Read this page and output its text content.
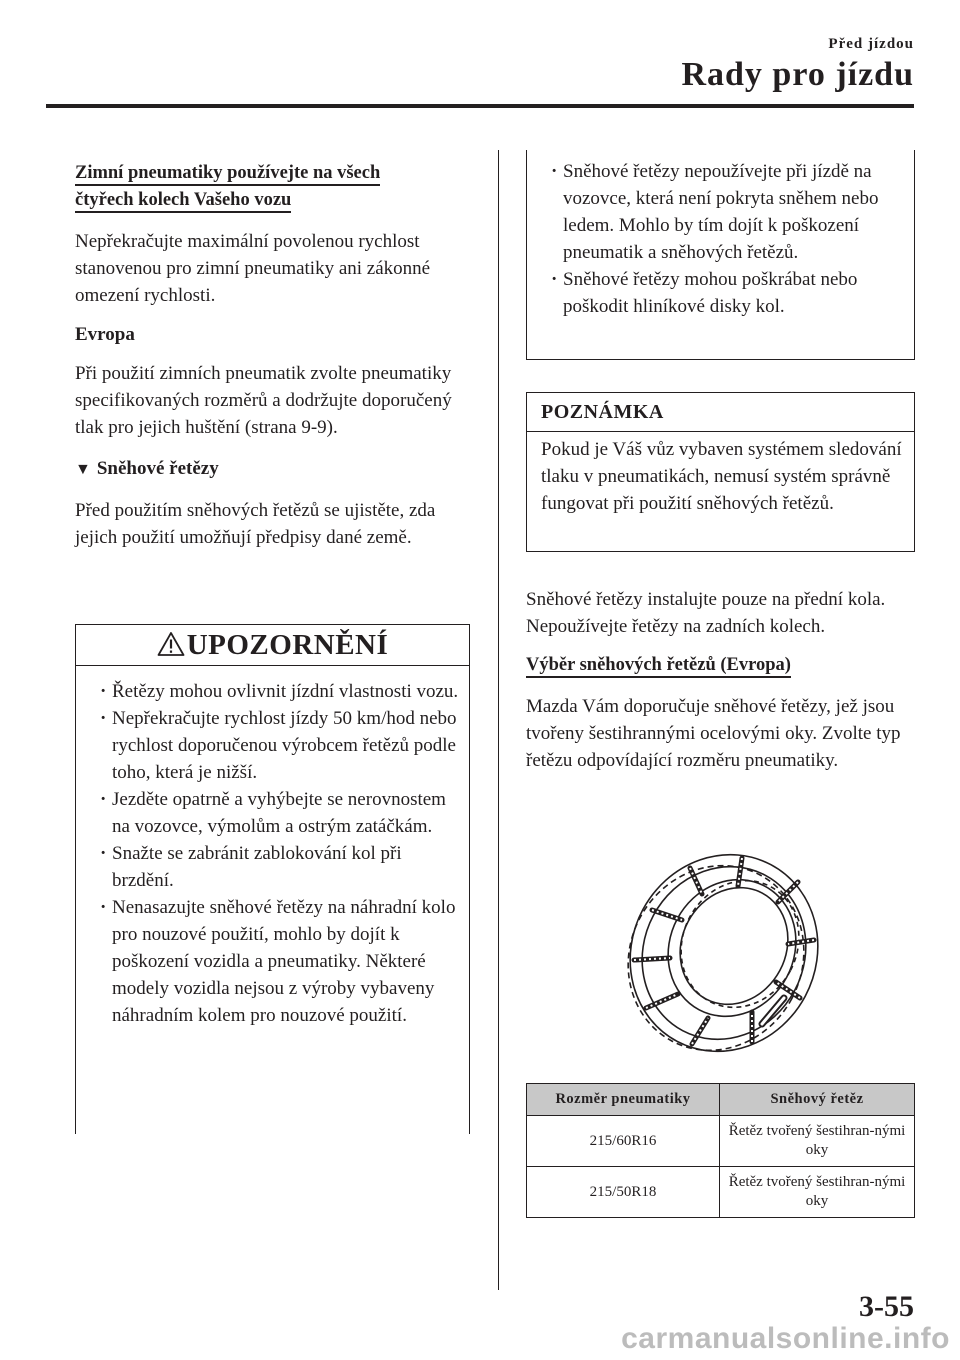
Před jízdou
Rady pro jízdu
Zimní pneumatiky používejte na všech
čtyřech kolech Vašeho vozu

Nepřekračujte maximální povolenou rychlost stanovenou pro zimní pneumatiky ani zákonné omezení rychlosti.

Evropa

Při použití zimních pneumatik zvolte pneumatiky specifikovaných rozměrů a dodržujte doporučený tlak pro jejich huštění (strana 9-9).

▼ Sněhové řetězy

Před použitím sněhových řetězů se ujistěte, zda jejich použití umožňují předpisy dané země.

UPOZORNĚNÍ
· Řetězy mohou ovlivnit jízdní vlastnosti vozu.
· Nepřekračujte rychlost jízdy 50 km/hod nebo rychlost doporučenou výrobcem řetězů podle toho, která je nižší.
· Jezděte opatrně a vyhýbejte se nerovnostem na vozovce, výmolům a ostrým zatáčkám.
· Snažte se zabránit zablokování kol při brzdění.
· Nenasazujte sněhové řetězy na náhradní kolo pro nouzové použití, mohlo by dojít k poškození vozidla a pneumatiky. Některé modely vozidla nejsou z výroby vybaveny náhradním kolem pro nouzové použití.
· Sněhové řetězy nepoužívejte při jízdě na vozovce, která není pokryta sněhem nebo ledem. Mohlo by tím dojít k poškození pneumatik a sněhových řetězů.
· Sněhové řetězy mohou poškrábat nebo poškodit hliníkové disky kol.
POZNÁMKA
Pokud je Váš vůz vybaven systémem sledování tlaku v pneumatikách, nemusí systém správně fungovat při použití sněhových řetězů.

Sněhové řetězy instalujte pouze na přední kola.

Nepoužívejte řetězy na zadních kolech.

Výběr sněhových řetězů (Evropa)

Mazda Vám doporučuje sněhové řetězy, jež jsou tvořeny šestihrannými ocelovými oky. Zvolte typ řetězu odpovídající rozměru pneumatiky.

Rozměr pneumatiky	Sněhový řetěz
215/60R16	Řetěz tvořený šestihran-nými oky
215/50R18	Řetěz tvořený šestihran-nými oky
3-55
carmanualsonline.info
